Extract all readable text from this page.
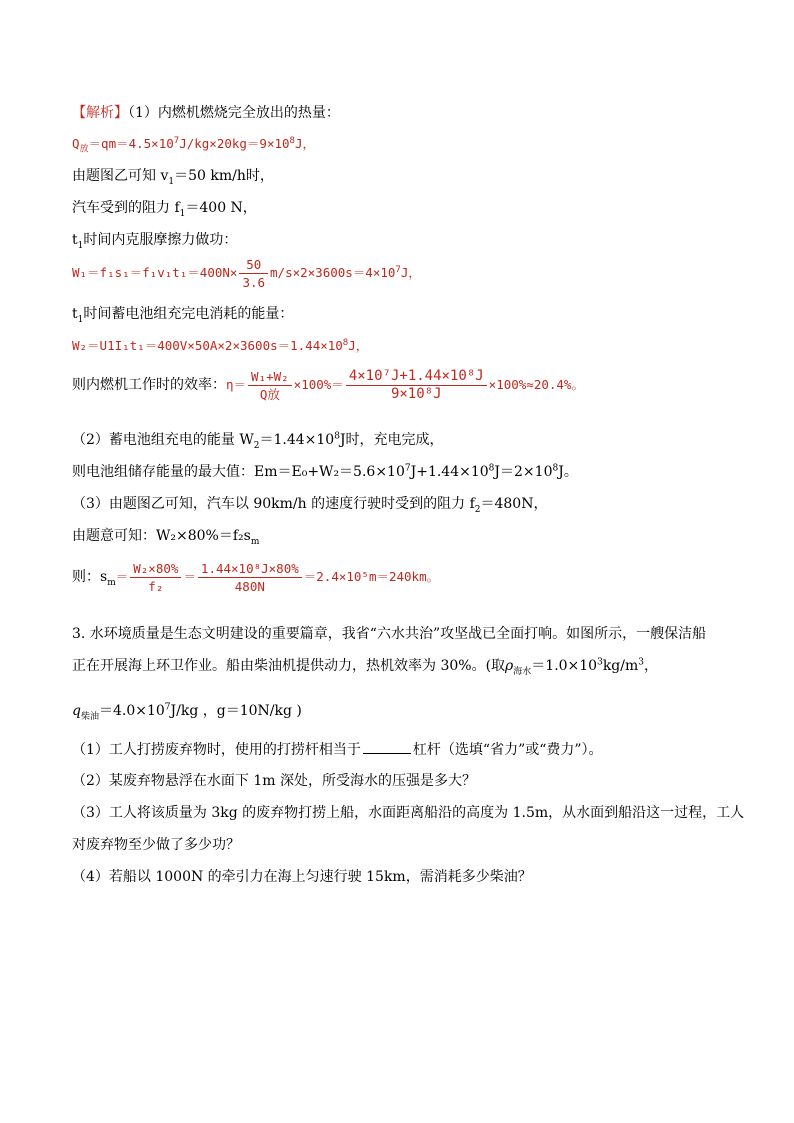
【解析】（1）内燃机燃烧完全放出的热量：
$Q_放=qm=4.5\times 10^7J/kg\times 20kg=9\times 10^8J$，
由题图乙可知 $v_1=50$ km/h时，
汽车受到的阻力 $f_1=400$ N，
$t_1$时间内克服摩擦力做功：
$W_1=f_1s_1=f_1v_1t_1=400N\times \frac{50}{3.6} m/s\times 2\times 3600s=4\times 10^7J$，
$t_1$时间蓄电池组充完电消耗的能量：
$W_2=U1I_1t_1=400V\times 50A\times 2\times 3600s=1.44\times 10^8J$，
则内燃机工作时的效率：$\eta= \frac{\text{W₁+W₂}}{\text{Q放}} \times 100\%= \frac{\text{4×10⁷J+1.44×10⁸J}}{\text{9×10⁸J}} \times 100\%\approx 20.4\%$。
（2）蓄电池组充电的能量 $W_2=1.44\times 10^8J$时，充电完成，
则电池组储存能量的最大值：$Em=E_0+W_2=5.6\times 10^7J+1.44\times 10^8J=2\times 10^8J$。
（3）由题图乙可知，汽车以 90km/h 的速度行驶时受到的阻力 $f_2=480N$，
由题意可知：$W_2\times 80\%=f_2s_m$
则：$s_m= \frac{\text{W₂×80\%}}{\text{f₂}} = \frac{\text{1.44×10⁸J×80\%}}{480N} =2.4\times 10^5m=240km$。
3. 水环境质量是生态文明建设的重要篇章，我省“六水共治”攻坚战已全面打响。如图所示，一艘保洁船
正在开展海上环卫作业。船由柴油机提供动力，热机效率为 30%。(取$\rho_{海水}=1.0\times 10^3kg/m^3$，
$q_{柴油}=4.0\times 10^7J/kg$ ，g＝10N/kg )
（1）工人打捞废弃物时，使用的打捞杆相当于	杠杆（选填“省力”或“费力”）。
（2）某废弃物悬浮在水面下 1m 深处，所受海水的压强是多大？
（3）工人将该质量为 3kg 的废弃物打捞上船，水面距离船沿的高度为 1.5m，从水面到船沿这一过程，工人
对废弃物至少做了多少功？
（4）若船以 1000N 的牵引力在海上匀速行驶 15km，需消耗多少柴油？
